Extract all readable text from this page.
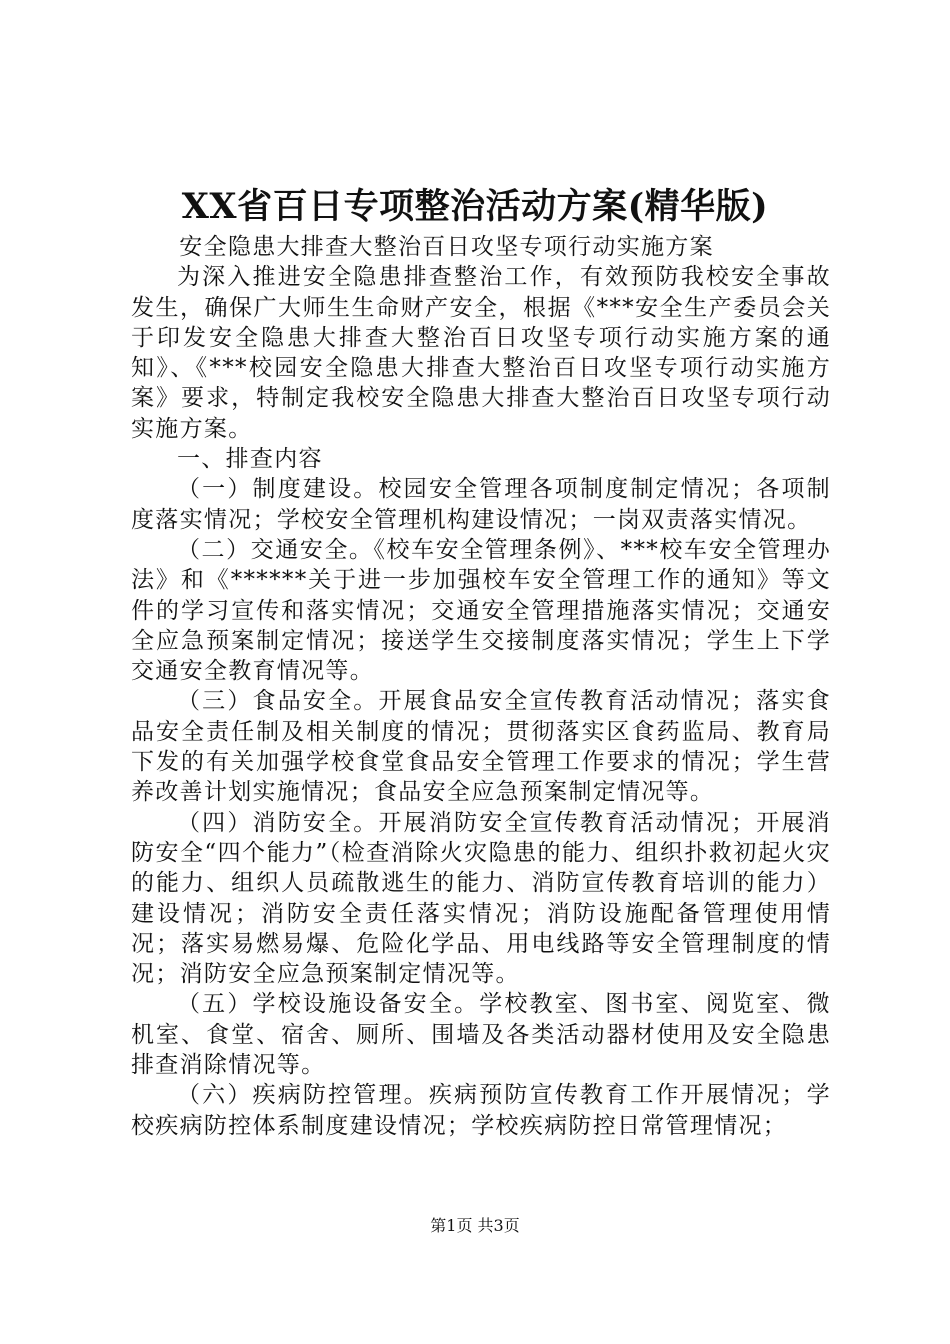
XX省百日专项整治活动方案(精华版)

安全隐患大排查大整治百日攻坚专项行动实施方案

为深入推进安全隐患排查整治工作，有效预防我校安全事故发生，确保广大师生生命财产安全，根据《***安全生产委员会关于印发安全隐患大排查大整治百日攻坚专项行动实施方案的通知》、《***校园安全隐患大排查大整治百日攻坚专项行动实施方案》要求，特制定我校安全隐患大排查大整治百日攻坚专项行动实施方案。

一、排查内容

（一）制度建设。校园安全管理各项制度制定情况；各项制度落实情况；学校安全管理机构建设情况；一岗双责落实情况。

（二）交通安全。《校车安全管理条例》、***校车安全管理办法》和《******关于进一步加强校车安全管理工作的通知》等文件的学习宣传和落实情况；交通安全管理措施落实情况；交通安全应急预案制定情况；接送学生交接制度落实情况；学生上下学交通安全教育情况等。

（三）食品安全。开展食品安全宣传教育活动情况；落实食品安全责任制及相关制度的情况；贯彻落实区食药监局、教育局下发的有关加强学校食堂食品安全管理工作要求的情况；学生营养改善计划实施情况；食品安全应急预案制定情况等。

（四）消防安全。开展消防安全宣传教育活动情况；开展消防安全“四个能力”（检查消除火灾隐患的能力、组织扑救初起火灾的能力、组织人员疏散逃生的能力、消防宣传教育培训的能力）建设情况；消防安全责任落实情况；消防设施配备管理使用情况；落实易燃易爆、危险化学品、用电线路等安全管理制度的情况；消防安全应急预案制定情况等。

（五）学校设施设备安全。学校教室、图书室、阅览室、微机室、食堂、宿舍、厕所、围墙及各类活动器材使用及安全隐患排查消除情况等。

（六）疾病防控管理。疾病预防宣传教育工作开展情况；学校疾病防控体系制度建设情况；学校疾病防控日常管理情况；

第1页 共3页
